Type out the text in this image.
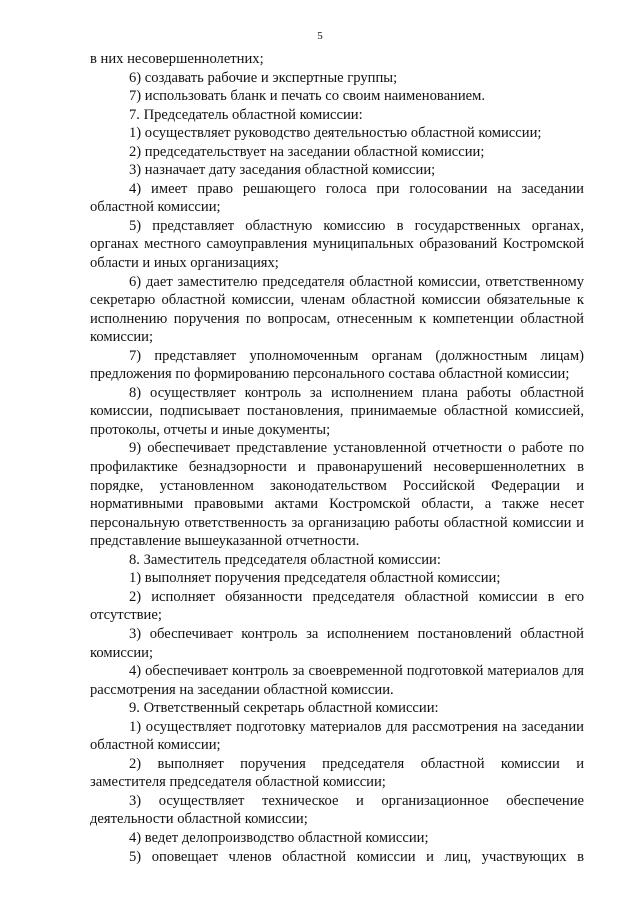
5

в них несовершеннолетних;

6) создавать рабочие и экспертные группы;

7) использовать бланк и печать со своим наименованием.

7. Председатель областной комиссии:

1) осуществляет руководство деятельностью областной комиссии;

2) председательствует на заседании областной комиссии;

3) назначает дату заседания областной комиссии;

4) имеет право решающего голоса при голосовании на заседании областной комиссии;

5) представляет областную комиссию в государственных органах, органах местного самоуправления муниципальных образований Костромской области и иных организациях;

6) дает заместителю председателя областной комиссии, ответственному секретарю областной комиссии, членам областной комиссии обязательные к исполнению поручения по вопросам, отнесенным к компетенции областной комиссии;

7) представляет уполномоченным органам (должностным лицам) предложения по формированию персонального состава областной комиссии;

8) осуществляет контроль за исполнением плана работы областной комиссии, подписывает постановления, принимаемые областной комиссией, протоколы, отчеты и иные документы;

9) обеспечивает представление установленной отчетности о работе по профилактике безнадзорности и правонарушений несовершеннолетних в порядке, установленном законодательством Российской Федерации и нормативными правовыми актами Костромской области, а также несет персональную ответственность за организацию работы областной комиссии и представление вышеуказанной отчетности.

8. Заместитель председателя областной комиссии:

1) выполняет поручения председателя областной комиссии;

2) исполняет обязанности председателя областной комиссии в его отсутствие;

3) обеспечивает контроль за исполнением постановлений областной комиссии;

4) обеспечивает контроль за своевременной подготовкой материалов для рассмотрения на заседании областной комиссии.

9. Ответственный секретарь областной комиссии:

1) осуществляет подготовку материалов для рассмотрения на заседании областной комиссии;

2) выполняет поручения председателя областной комиссии и заместителя председателя областной комиссии;

3) осуществляет техническое и организационное обеспечение деятельности областной комиссии;

4) ведет делопроизводство областной комиссии;

5) оповещает членов областной комиссии и лиц, участвующих в
